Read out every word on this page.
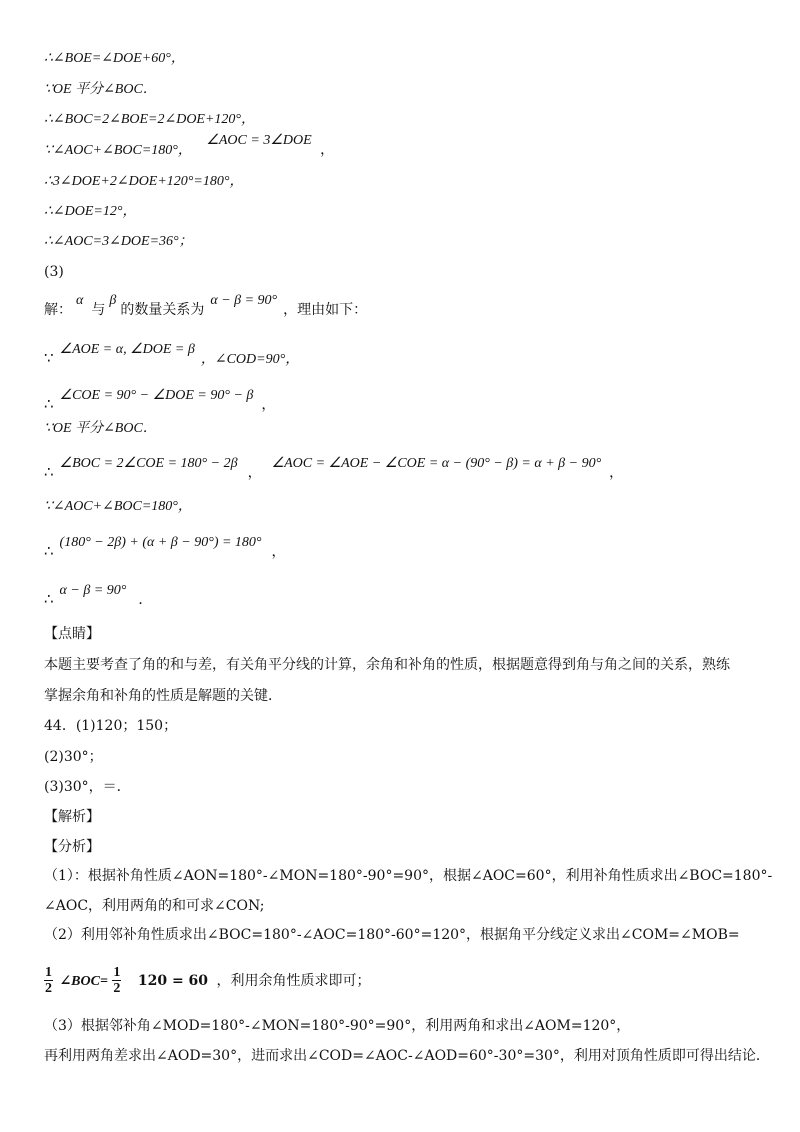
∴∠BOE=∠DOE+60°，
∵OE 平分∠BOC．
∴∠BOC=2∠BOE=2∠DOE+120°，
∵∠AOC+∠BOC=180°， ∠AOC = 3∠DOE ，
∴3∠DOE+2∠DOE+120°=180°，
∴∠DOE=12°，
∴∠AOC=3∠DOE=36°；
(3)
解：α与β的数量关系为α − β = 90°，理由如下：
∵ ∠AOE = α, ∠DOE = β，∠COD=90°，
∴ ∠COE = 90° − ∠DOE = 90° − β，
∵OE 平分∠BOC．
∴ ∠BOC = 2∠COE = 180° − 2β，∠AOC = ∠AOE − ∠COE = α − (90° − β) = α + β − 90°，
∵∠AOC+∠BOC=180°，
∴ (180° − 2β) + (α + β − 90°) = 180°，
∴ α − β = 90°．
【点睛】
本题主要考查了角的和与差，有关角平分线的计算，余角和补角的性质，根据题意得到角与角之间的关系，熟练
掌握余角和补角的性质是解题的关键．
44．(1)120；150；
(2)30°；
(3)30°，＝．
【解析】
【分析】
（1）：根据补角性质∠AON=180°-∠MON=180°-90°=90°，根据∠AOC=60°，利用补角性质求出∠BOC=180°-
∠AOC，利用两角的和可求∠CON;
（2）利用邻补角性质求出∠BOC=180°-∠AOC=180°-60°=120°，根据角平分线定义求出∠COM=∠MOB=
$\frac{1}{2}$ ∠BOC= $\frac{1}{2} 120 = 60$ ，利用余角性质求即可；
（3）根据邻补角∠MOD=180°-∠MON=180°-90°=90°，利用两角和求出∠AOM=120°，
再利用两角差求出∠AOD=30°，进而求出∠COD=∠AOC-∠AOD=60°-30°=30°，利用对顶角性质即可得出结论．
